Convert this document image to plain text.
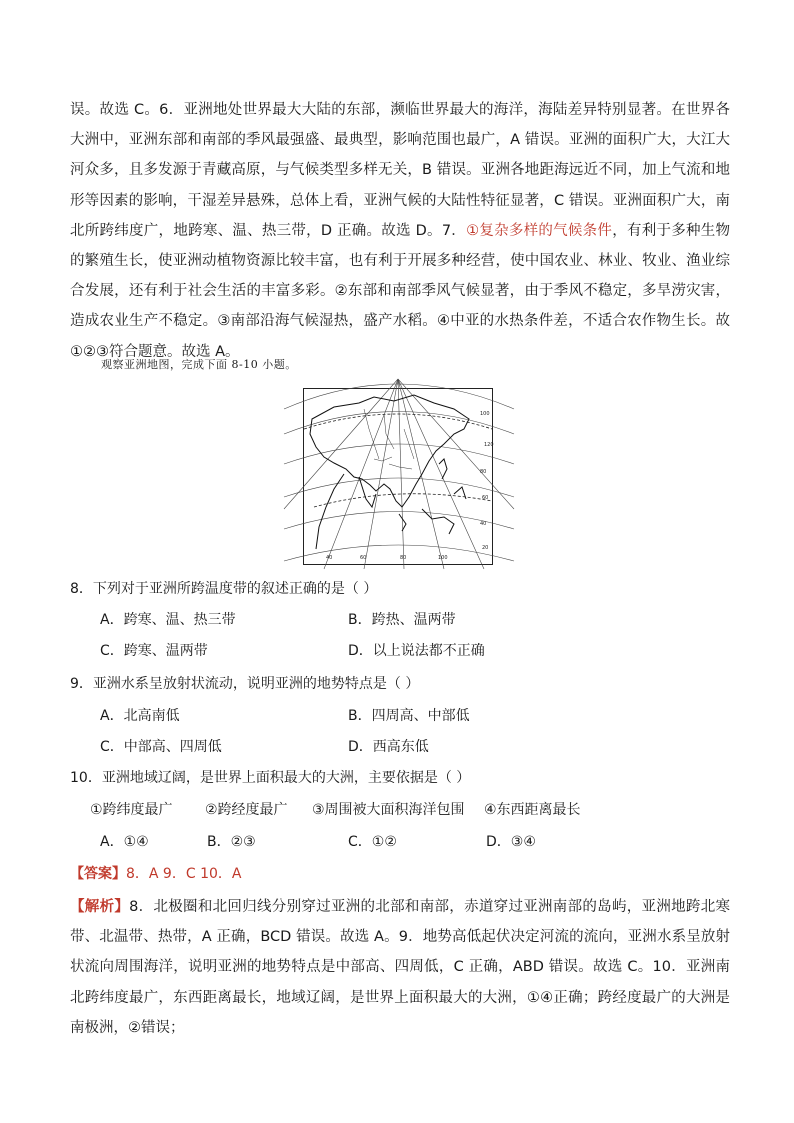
误。故选 C。6．亚洲地处世界最大大陆的东部，濒临世界最大的海洋，海陆差异特别显著。在世界各大洲中，亚洲东部和南部的季风最强盛、最典型，影响范围也最广，A 错误。亚洲的面积广大，大江大河众多，且多发源于青藏高原，与气候类型多样无关，B 错误。亚洲各地距海远近不同，加上气流和地形等因素的影响，干湿差异悬殊，总体上看，亚洲气候的大陆性特征显著，C 错误。亚洲面积广大，南北所跨纬度广，地跨寒、温、热三带，D 正确。故选 D。7．①复杂多样的气候条件，有利于多种生物的繁殖生长，使亚洲动植物资源比较丰富，也有利于开展多种经营，使中国农业、林业、牧业、渔业综合发展，还有利于社会生活的丰富多彩。②东部和南部季风气候显著，由于季风不稳定，多旱涝灾害，造成农业生产不稳定。③南部沿海气候湿热，盛产水稻。④中亚的水热条件差，不适合农作物生长。故①②③符合题意。故选 A。

观察亚洲地图，完成下面 8-10 小题。
100
120
80
60
40
20
40	60	80	100
8．下列对于亚洲所跨温度带的叙述正确的是（ ）
A．跨寒、温、热三带	B．跨热、温两带
C．跨寒、温两带	D．以上说法都不正确
9．亚洲水系呈放射状流动，说明亚洲的地势特点是（ ）
A．北高南低	B．四周高、中部低
C．中部高、四周低	D．西高东低
10．亚洲地域辽阔，是世界上面积最大的大洲，主要依据是（ ）
①跨纬度最广 ②跨经度最广 ③周围被大面积海洋包围 ④东西距离最长
A．①④	B．②③	C．①②	D．③④
【答案】8．A 9．C 10．A

【解析】8．北极圈和北回归线分别穿过亚洲的北部和南部，赤道穿过亚洲南部的岛屿，亚洲地跨北寒带、北温带、热带，A 正确，BCD 错误。故选 A。9．地势高低起伏决定河流的流向，亚洲水系呈放射状流向周围海洋，说明亚洲的地势特点是中部高、四周低，C 正确，ABD 错误。故选 C。10．亚洲南北跨纬度最广，东西距离最长，地域辽阔，是世界上面积最大的大洲，①④正确；跨经度最广的大洲是南极洲，②错误；
